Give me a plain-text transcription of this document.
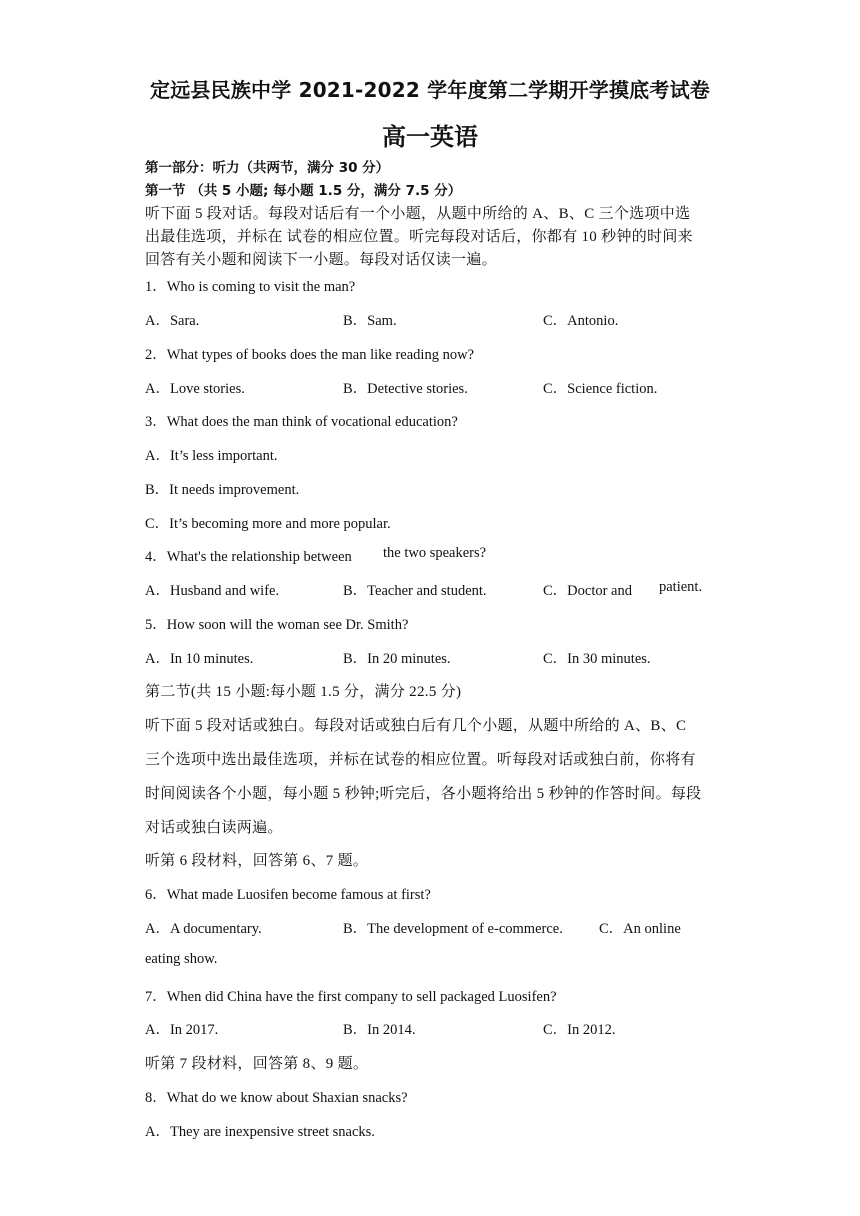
定远县民族中学 2021-2022 学年度第二学期开学摸底考试卷
高一英语
第一部分：听力（共两节，满分 30 分）
第一节 （共 5 小题; 每小题 1.5 分，满分 7.5 分）
听下面 5 段对话。每段对话后有一个小题，从题中所给的 A、B、C 三个选项中选
出最佳选项，并标在 试卷的相应位置。听完每段对话后，你都有 10 秒钟的时间来
回答有关小题和阅读下一小题。每段对话仅读一遍。
1．Who is coming to visit the man?
A．Sara.	B．Sam.	C．Antonio.
2．What types of books does the man like reading now?
A．Love stories.	B．Detective stories.	C．Science fiction.
3．What does the man think of vocational education?
A．It’s less important.
B．It needs improvement.
C．It’s becoming more and more popular.
4．What's the relationship between the two speakers?
A．Husband and wife.	B．Teacher and student.	C．Doctor and patient.
5．How soon will the woman see Dr. Smith?
A．In 10 minutes.	B．In 20 minutes.	C．In 30 minutes.
第二节(共 15 小题:每小题 1.5 分，满分 22.5 分)
听下面 5 段对话或独白。每段对话或独白后有几个小题，从题中所给的 A、B、C
三个选项中选出最佳选项，并标在试卷的相应位置。听每段对话或独白前，你将有
时间阅读各个小题，每小题 5 秒钟;听完后，各小题将给出 5 秒钟的作答时间。每段
对话或独白读两遍。
听第 6 段材料，回答第 6、7 题。
6．What made Luosifen become famous at first?
A．A documentary.	B．The development of e-commerce. C．An online
eating show.
7．When did China have the first company to sell packaged Luosifen?
A．In 2017.	B．In 2014.	C．In 2012.
听第 7 段材料，回答第 8、9 题。
8．What do we know about Shaxian snacks?
A．They are inexpensive street snacks.
